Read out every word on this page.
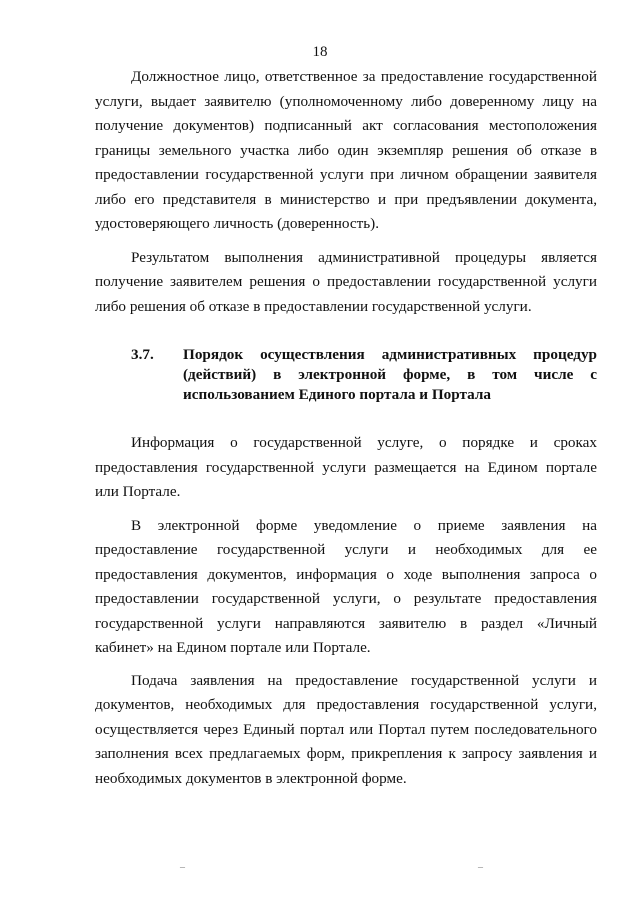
18

Должностное лицо, ответственное за предоставление государственной услуги, выдает заявителю (уполномоченному либо доверенному лицу на получение документов) подписанный акт согласования местоположения границы земельного участка либо один экземпляр решения об отказе в предоставлении государственной услуги при личном обращении заявителя либо его представителя в министерство и при предъявлении документа, удостоверяющего личность (доверенность).

Результатом выполнения административной процедуры является получение заявителем решения о предоставлении государственной услуги либо решения об отказе в предоставлении государственной услуги.

3.7.	Порядок осуществления административных процедур (действий) в электронной форме, в том числе с использованием Единого портала и Портала

Информация о государственной услуге, о порядке и сроках предоставления государственной услуги размещается на Едином портале или Портале.

В электронной форме уведомление о приеме заявления на предоставление государственной услуги и необходимых для ее предоставления документов, информация о ходе выполнения запроса о предоставлении государственной услуги, о результате предоставления государственной услуги направляются заявителю в раздел «Личный кабинет» на Едином портале или Портале.

Подача заявления на предоставление государственной услуги и документов, необходимых для предоставления государственной услуги, осуществляется через Единый портал или Портал путем последовательного заполнения всех предлагаемых форм, прикрепления к запросу заявления и необходимых документов в электронной форме.

–	–
